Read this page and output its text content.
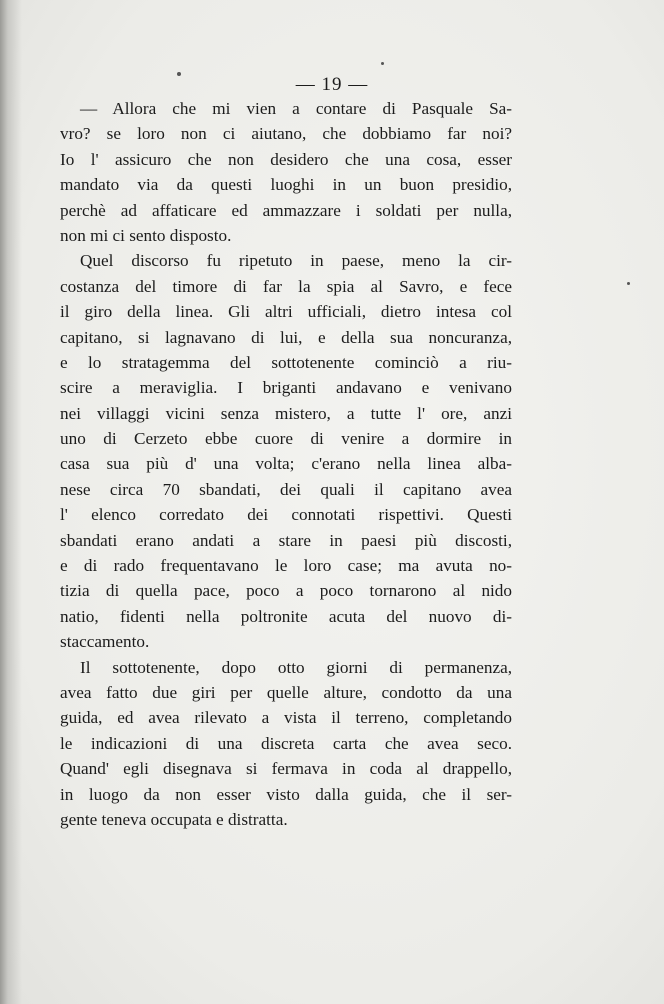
— 19 —
— Allora che mi vien a contare di Pasquale Sa-
vro? se loro non ci aiutano, che dobbiamo far noi?
Io l' assicuro che non desidero che una cosa, esser
mandato via da questi luoghi in un buon presidio,
perchè ad affaticare ed ammazzare i soldati per nulla,
non mi ci sento disposto.
Quel discorso fu ripetuto in paese, meno la cir-
costanza del timore di far la spia al Savro, e fece
il giro della linea. Gli altri ufficiali, dietro intesa col
capitano, si lagnavano di lui, e della sua noncuranza,
e lo stratagemma del sottotenente cominciò a riu-
scire a meraviglia. I briganti andavano e venivano
nei villaggi vicini senza mistero, a tutte l' ore, anzi
uno di Cerzeto ebbe cuore di venire a dormire in
casa sua più d' una volta; c'erano nella linea alba-
nese circa 70 sbandati, dei quali il capitano avea
l' elenco corredato dei connotati rispettivi. Questi
sbandati erano andati a stare in paesi più discosti,
e di rado frequentavano le loro case; ma avuta no-
tizia di quella pace, poco a poco tornarono al nido
natio, fidenti nella poltronite acuta del nuovo di-
staccamento.
Il sottotenente, dopo otto giorni di permanenza,
avea fatto due giri per quelle alture, condotto da una
guida, ed avea rilevato a vista il terreno, completando
le indicazioni di una discreta carta che avea seco.
Quand' egli disegnava si fermava in coda al drappello,
in luogo da non esser visto dalla guida, che il ser-
gente teneva occupata e distratta.
